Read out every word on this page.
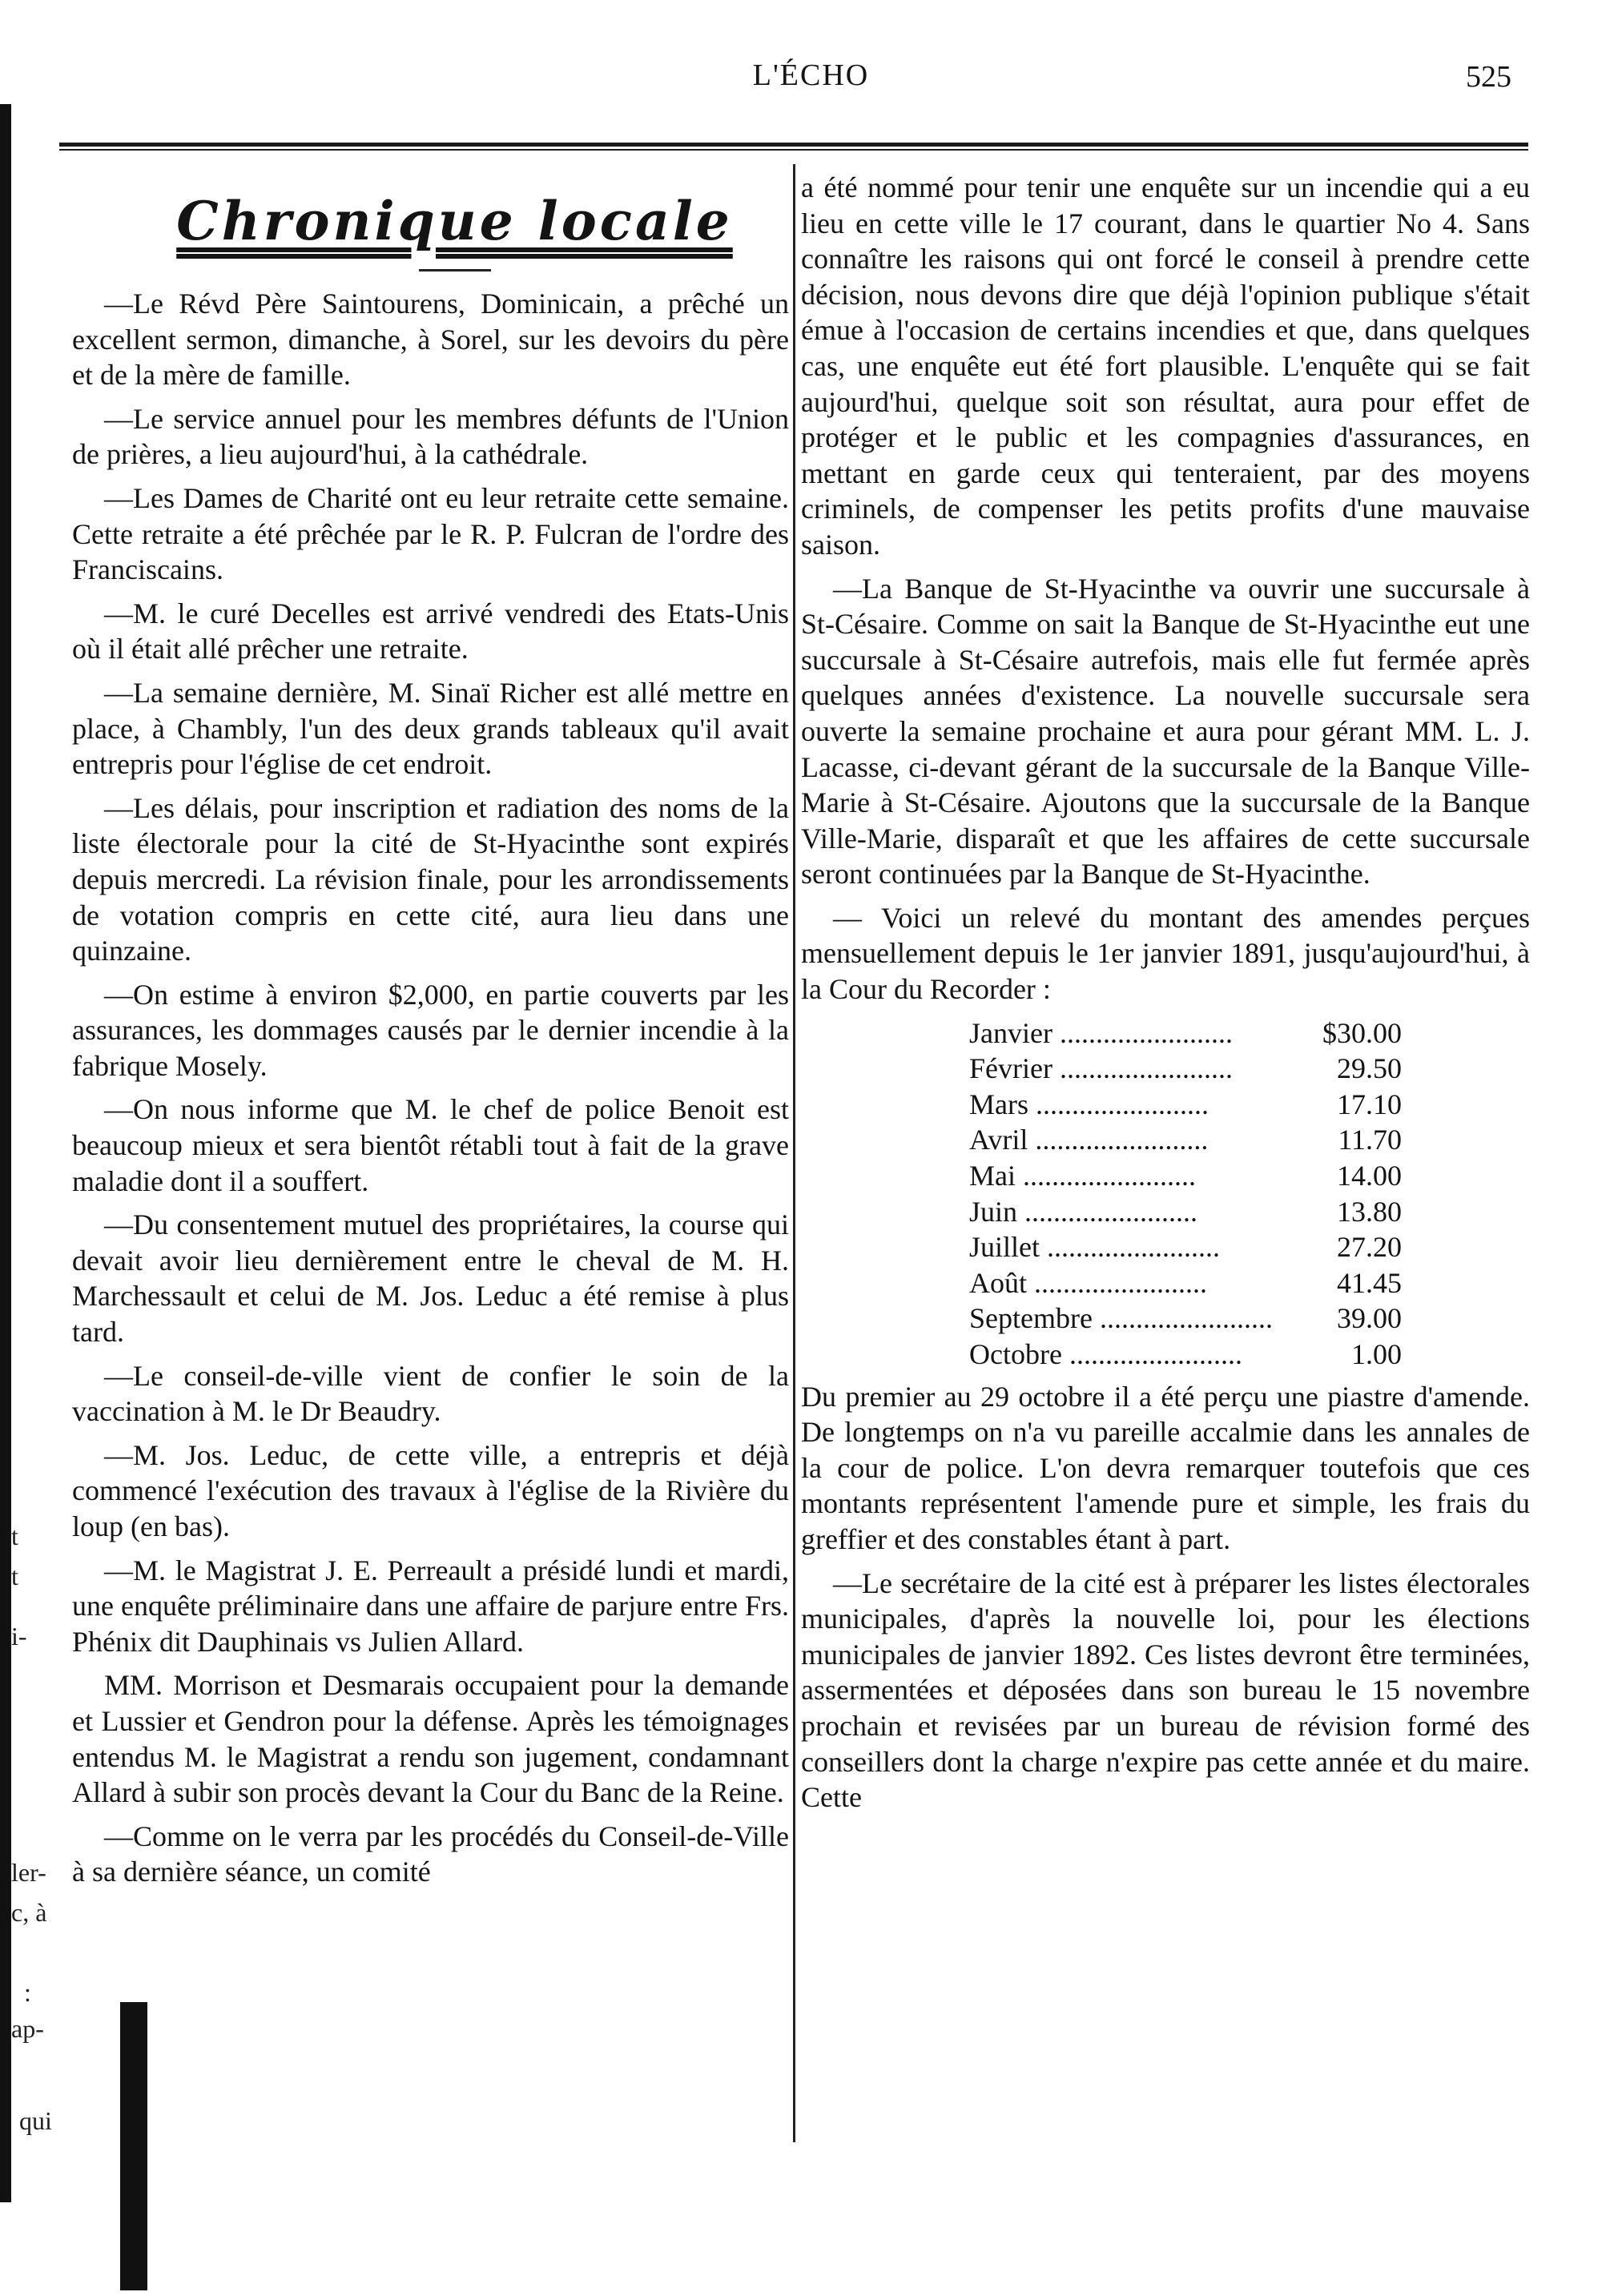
t
t
i-
ler-
c, à
:
ap-
qui
L'ÉCHO	525
Chronique locale

—Le Révd Père Saintourens, Dominicain, a prêché un excellent sermon, dimanche, à Sorel, sur les devoirs du père et de la mère de famille.

—Le service annuel pour les membres défunts de l'Union de prières, a lieu aujourd'hui, à la cathédrale.

—Les Dames de Charité ont eu leur retraite cette semaine. Cette retraite a été prêchée par le R. P. Fulcran de l'ordre des Franciscains.

—M. le curé Decelles est arrivé vendredi des Etats-Unis où il était allé prêcher une retraite.

—La semaine dernière, M. Sinaï Richer est allé mettre en place, à Chambly, l'un des deux grands tableaux qu'il avait entrepris pour l'église de cet endroit.

—Les délais, pour inscription et radiation des noms de la liste électorale pour la cité de St-Hyacinthe sont expirés depuis mercredi. La révision finale, pour les arrondissements de votation compris en cette cité, aura lieu dans une quinzaine.

—On estime à environ $2,000, en partie couverts par les assurances, les dommages causés par le dernier incendie à la fabrique Mosely.

—On nous informe que M. le chef de police Benoit est beaucoup mieux et sera bientôt rétabli tout à fait de la grave maladie dont il a souffert.

—Du consentement mutuel des propriétaires, la course qui devait avoir lieu dernièrement entre le cheval de M. H. Marchessault et celui de M. Jos. Leduc a été remise à plus tard.

—Le conseil-de-ville vient de confier le soin de la vaccination à M. le Dr Beaudry.

—M. Jos. Leduc, de cette ville, a entrepris et déjà commencé l'exécution des travaux à l'église de la Rivière du loup (en bas).

—M. le Magistrat J. E. Perreault a présidé lundi et mardi, une enquête préliminaire dans une affaire de parjure entre Frs. Phénix dit Dauphinais vs Julien Allard.

MM. Morrison et Desmarais occupaient pour la demande et Lussier et Gendron pour la défense. Après les témoignages entendus M. le Magistrat a rendu son jugement, condamnant Allard à subir son procès devant la Cour du Banc de la Reine.

—Comme on le verra par les procédés du Conseil-de-Ville à sa dernière séance, un comité

a été nommé pour tenir une enquête sur un incendie qui a eu lieu en cette ville le 17 courant, dans le quartier No 4. Sans connaître les raisons qui ont forcé le conseil à prendre cette décision, nous devons dire que déjà l'opinion publique s'était émue à l'occasion de certains incendies et que, dans quelques cas, une enquête eut été fort plausible. L'enquête qui se fait aujourd'hui, quelque soit son résultat, aura pour effet de protéger et le public et les compagnies d'assurances, en mettant en garde ceux qui tenteraient, par des moyens criminels, de compenser les petits profits d'une mauvaise saison.

—La Banque de St-Hyacinthe va ouvrir une succursale à St-Césaire. Comme on sait la Banque de St-Hyacinthe eut une succursale à St-Césaire autrefois, mais elle fut fermée après quelques années d'existence. La nouvelle succursale sera ouverte la semaine prochaine et aura pour gérant MM. L. J. Lacasse, ci-devant gérant de la succursale de la Banque Ville-Marie à St-Césaire. Ajoutons que la succursale de la Banque Ville-Marie, disparaît et que les affaires de cette succursale seront continuées par la Banque de St-Hyacinthe.

— Voici un relevé du montant des amendes perçues mensuellement depuis le 1er janvier 1891, jusqu'aujourd'hui, à la Cour du Recorder :

Janvier ........................	$30.00
Février ........................	29.50
Mars ........................	17.10
Avril ........................	11.70
Mai ........................	14.00
Juin ........................	13.80
Juillet ........................	27.20
Août ........................	41.45
Septembre ........................	39.00
Octobre ........................	1.00

Du premier au 29 octobre il a été perçu une piastre d'amende. De longtemps on n'a vu pareille accalmie dans les annales de la cour de police. L'on devra remarquer toutefois que ces montants représentent l'amende pure et simple, les frais du greffier et des constables étant à part.

—Le secrétaire de la cité est à préparer les listes électorales municipales, d'après la nouvelle loi, pour les élections municipales de janvier 1892. Ces listes devront être terminées, assermentées et déposées dans son bureau le 15 novembre prochain et revisées par un bureau de révision formé des conseillers dont la charge n'expire pas cette année et du maire. Cette
